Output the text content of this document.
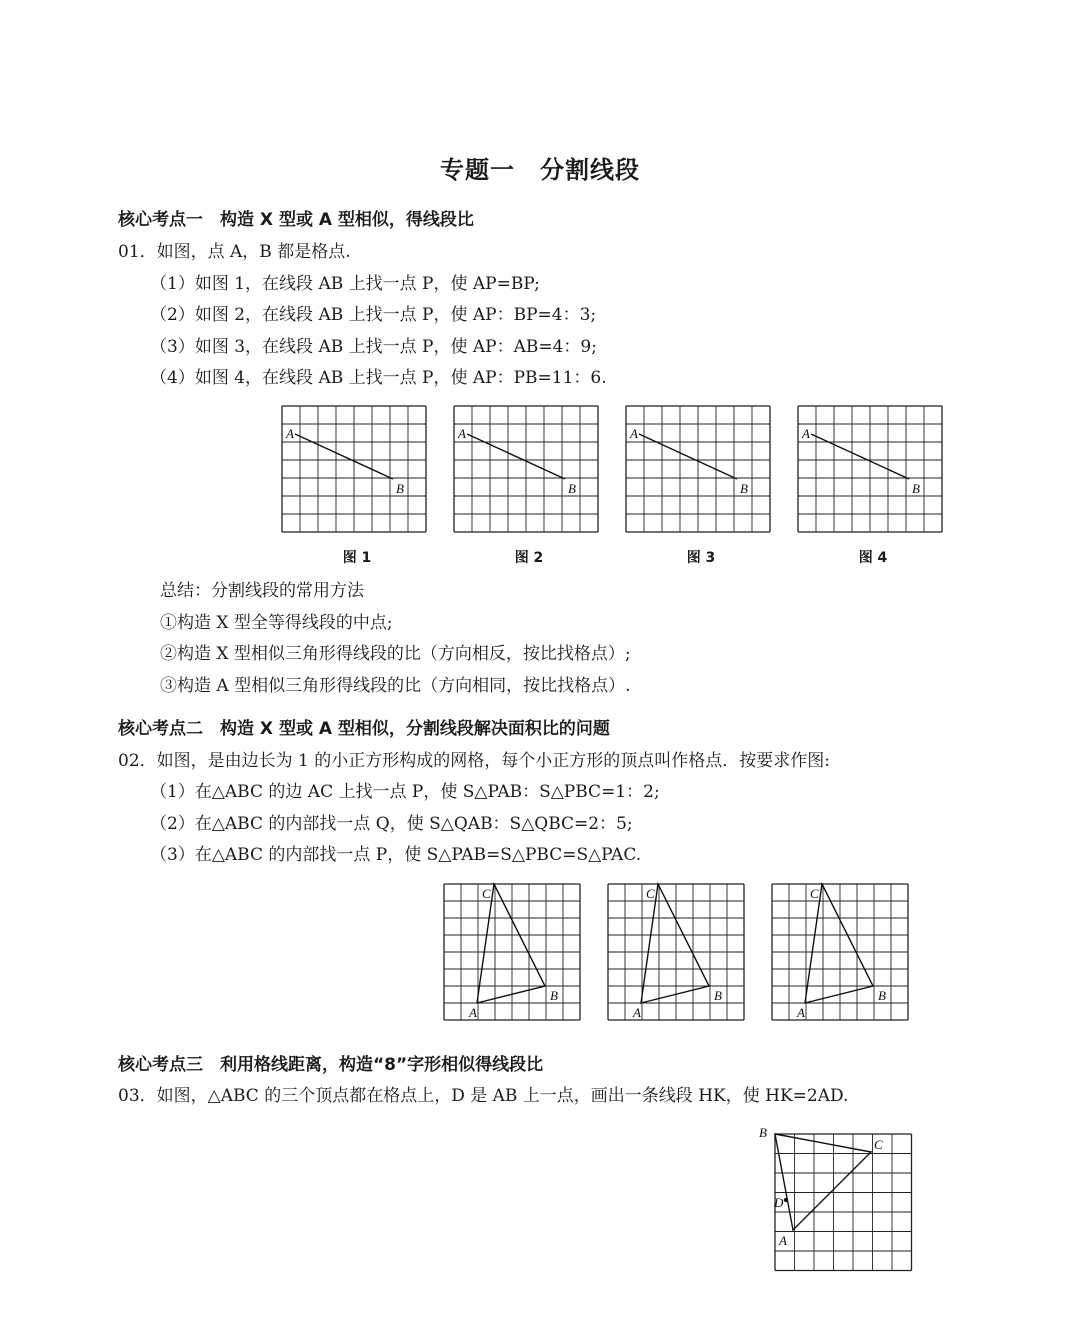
专题一　分割线段
核心考点一　构造 X 型或 A 型相似，得线段比
01．如图，点 A，B 都是格点.
（1）如图 1，在线段 AB 上找一点 P，使 AP=BP;
（2）如图 2，在线段 AB 上找一点 P，使 AP：BP=4：3;
（3）如图 3，在线段 AB 上找一点 P，使 AP：AB=4：9;
（4）如图 4，在线段 AB 上找一点 P，使 AP：PB=11：6.
A
B
A
B
A
B
A
B
图 1	图 2	图 3	图 4
总结：分割线段的常用方法
①构造 X 型全等得线段的中点;
②构造 X 型相似三角形得线段的比（方向相反，按比找格点）;
③构造 A 型相似三角形得线段的比（方向相同，按比找格点）.
核心考点二　构造 X 型或 A 型相似，分割线段解决面积比的问题
02．如图，是由边长为 1 的小正方形构成的网格，每个小正方形的顶点叫作格点．按要求作图:
（1）在△ABC 的边 AC 上找一点 P，使 S△PAB：S△PBC=1：2;
（2）在△ABC 的内部找一点 Q，使 S△QAB：S△QBC=2：5;
（3）在△ABC 的内部找一点 P，使 S△PAB=S△PBC=S△PAC.
A
B
C
A
B
C
A
B
C
核心考点三　利用格线距离，构造“8”字形相似得线段比
03．如图，△ABC 的三个顶点都在格点上，D 是 AB 上一点，画出一条线段 HK，使 HK=2AD.
B
C
D
A
